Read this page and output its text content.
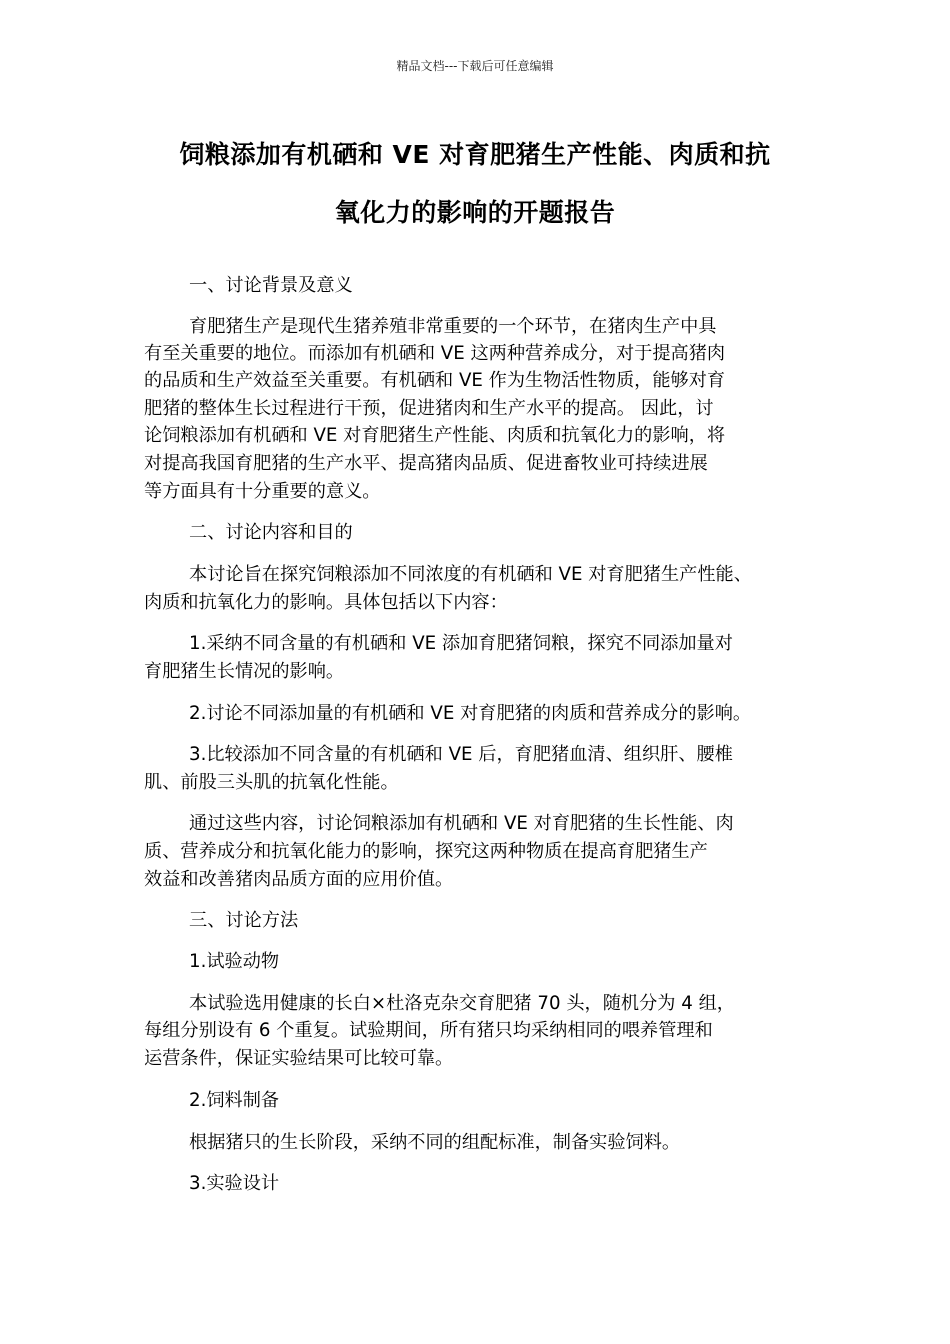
精品文档---下载后可任意编辑
饲粮添加有机硒和 VE 对育肥猪生产性能、肉质和抗
氧化力的影响的开题报告
一、讨论背景及意义
育肥猪生产是现代生猪养殖非常重要的一个环节，在猪肉生产中具
有至关重要的地位。而添加有机硒和 VE 这两种营养成分，对于提高猪肉
的品质和生产效益至关重要。有机硒和 VE 作为生物活性物质，能够对育
肥猪的整体生长过程进行干预，促进猪肉和生产水平的提高。 因此，讨
论饲粮添加有机硒和 VE 对育肥猪生产性能、肉质和抗氧化力的影响，将
对提高我国育肥猪的生产水平、提高猪肉品质、促进畜牧业可持续进展
等方面具有十分重要的意义。
二、讨论内容和目的
本讨论旨在探究饲粮添加不同浓度的有机硒和 VE 对育肥猪生产性能、
肉质和抗氧化力的影响。具体包括以下内容：
1.采纳不同含量的有机硒和 VE 添加育肥猪饲粮，探究不同添加量对
育肥猪生长情况的影响。
2.讨论不同添加量的有机硒和 VE 对育肥猪的肉质和营养成分的影响。
3.比较添加不同含量的有机硒和 VE 后，育肥猪血清、组织肝、腰椎
肌、前股三头肌的抗氧化性能。
通过这些内容，讨论饲粮添加有机硒和 VE 对育肥猪的生长性能、肉
质、营养成分和抗氧化能力的影响，探究这两种物质在提高育肥猪生产
效益和改善猪肉品质方面的应用价值。
三、讨论方法
1.试验动物
本试验选用健康的长白×杜洛克杂交育肥猪 70 头，随机分为 4 组，
每组分别设有 6 个重复。试验期间，所有猪只均采纳相同的喂养管理和
运营条件，保证实验结果可比较可靠。
2.饲料制备
根据猪只的生长阶段，采纳不同的组配标准，制备实验饲料。
3.实验设计
